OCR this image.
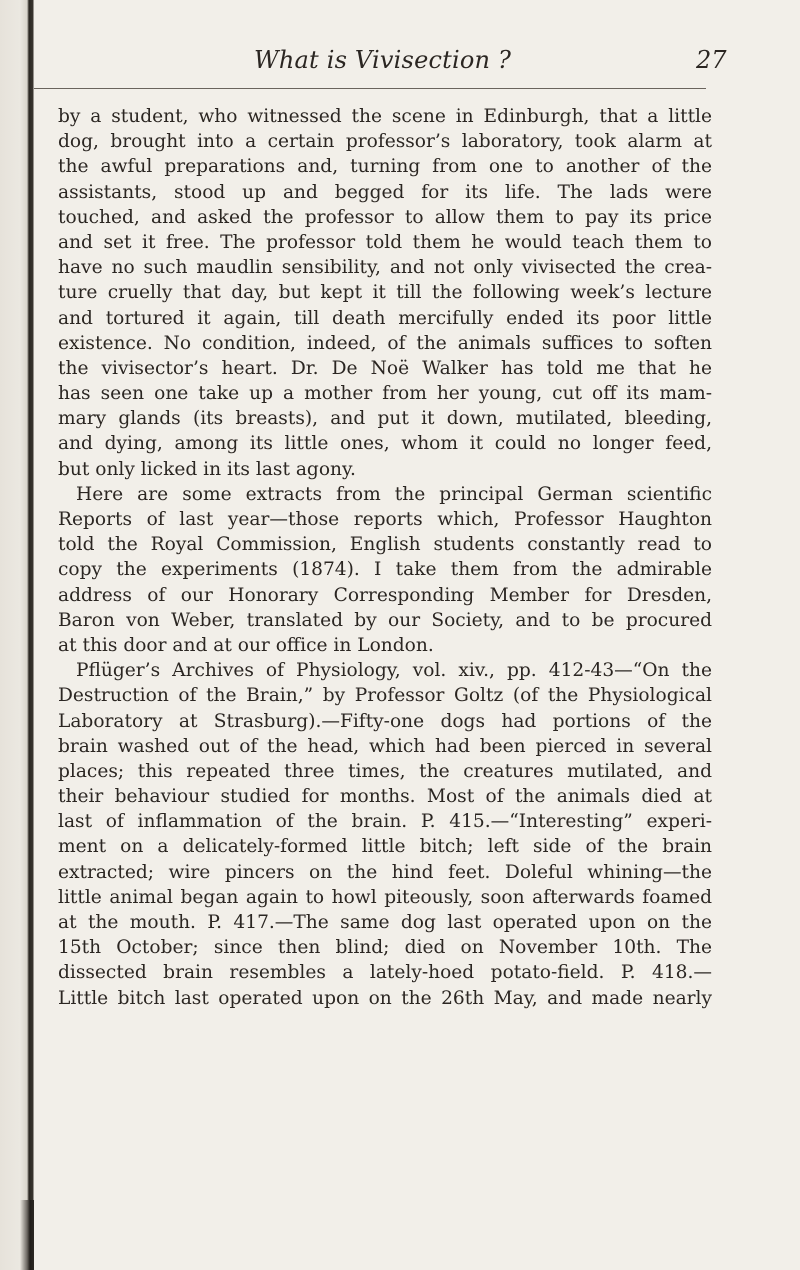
What is Vivisection ?	27
by a student, who witnessed the scene in Edinburgh, that a little
dog, brought into a certain professor’s laboratory, took alarm at
the awful preparations and, turning from one to another of the
assistants, stood up and begged for its life. The lads were
touched, and asked the professor to allow them to pay its price
and set it free. The professor told them he would teach them to
have no such maudlin sensibility, and not only vivisected the crea-
ture cruelly that day, but kept it till the following week’s lecture
and tortured it again, till death mercifully ended its poor little
existence. No condition, indeed, of the animals suffices to soften
the vivisector’s heart. Dr. De Noë Walker has told me that he
has seen one take up a mother from her young, cut off its mam-
mary glands (its breasts), and put it down, mutilated, bleeding,
and dying, among its little ones, whom it could no longer feed,
but only licked in its last agony.
Here are some extracts from the principal German scientific
Reports of last year—those reports which, Professor Haughton
told the Royal Commission, English students constantly read to
copy the experiments (1874). I take them from the admirable
address of our Honorary Corresponding Member for Dresden,
Baron von Weber, translated by our Society, and to be procured
at this door and at our office in London.
Pflüger’s Archives of Physiology, vol. xiv., pp. 412-43—“On the
Destruction of the Brain,” by Professor Goltz (of the Physiological
Laboratory at Strasburg).—Fifty-one dogs had portions of the
brain washed out of the head, which had been pierced in several
places; this repeated three times, the creatures mutilated, and
their behaviour studied for months. Most of the animals died at
last of inflammation of the brain. P. 415.—“Interesting” experi-
ment on a delicately-formed little bitch; left side of the brain
extracted; wire pincers on the hind feet. Doleful whining—the
little animal began again to howl piteously, soon afterwards foamed
at the mouth. P. 417.—The same dog last operated upon on the
15th October; since then blind; died on November 10th. The
dissected brain resembles a lately-hoed potato-field. P. 418.—
Little bitch last operated upon on the 26th May, and made nearly
